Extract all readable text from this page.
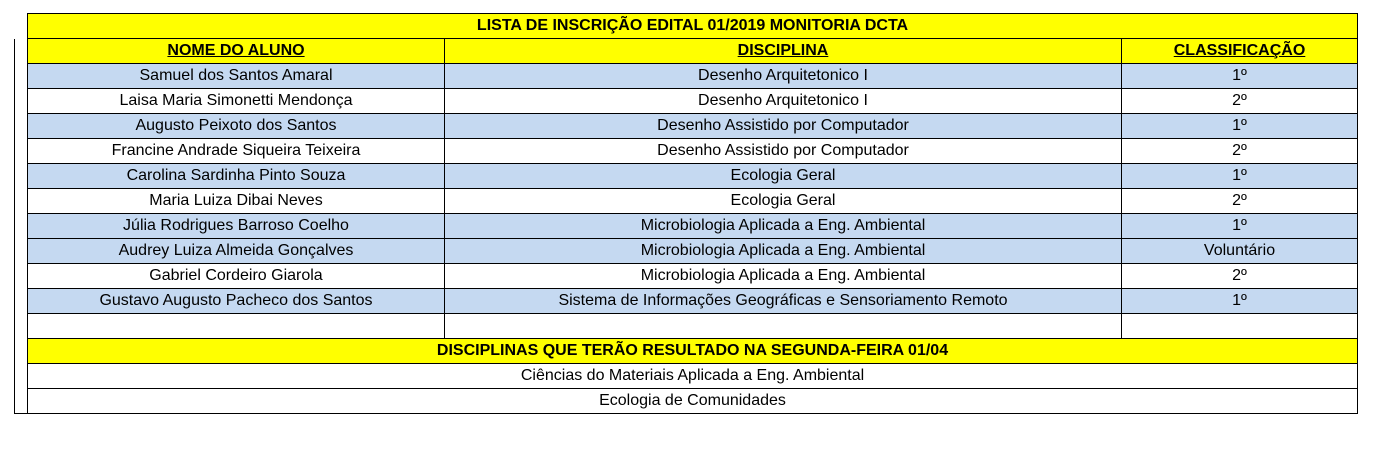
	LISTA DE INSCRIÇÃO EDITAL 01/2019 MONITORIA DCTA		
	NOME DO ALUNO	DISCIPLINA	CLASSIFICAÇÃO
	Samuel dos Santos Amaral	Desenho Arquitetonico I	1º
	Laisa Maria Simonetti Mendonça	Desenho Arquitetonico I	2º
	Augusto Peixoto dos Santos	Desenho Assistido por Computador	1º
	Francine Andrade Siqueira Teixeira	Desenho Assistido por Computador	2º
	Carolina Sardinha Pinto Souza	Ecologia Geral	1º
	Maria Luiza Dibai Neves	Ecologia Geral	2º
	Júlia Rodrigues Barroso Coelho	Microbiologia Aplicada a Eng. Ambiental	1º
	Audrey Luiza Almeida Gonçalves	Microbiologia Aplicada a Eng. Ambiental	Voluntário
	Gabriel Cordeiro Giarola	Microbiologia Aplicada a Eng. Ambiental	2º
	Gustavo Augusto Pacheco dos Santos	Sistema de Informações Geográficas e Sensoriamento Remoto	1º

	DISCIPLINAS QUE TERÃO RESULTADO NA SEGUNDA-FEIRA 01/04		
	Ciências do Materiais Aplicada a Eng. Ambiental		
	Ecologia de Comunidades		
